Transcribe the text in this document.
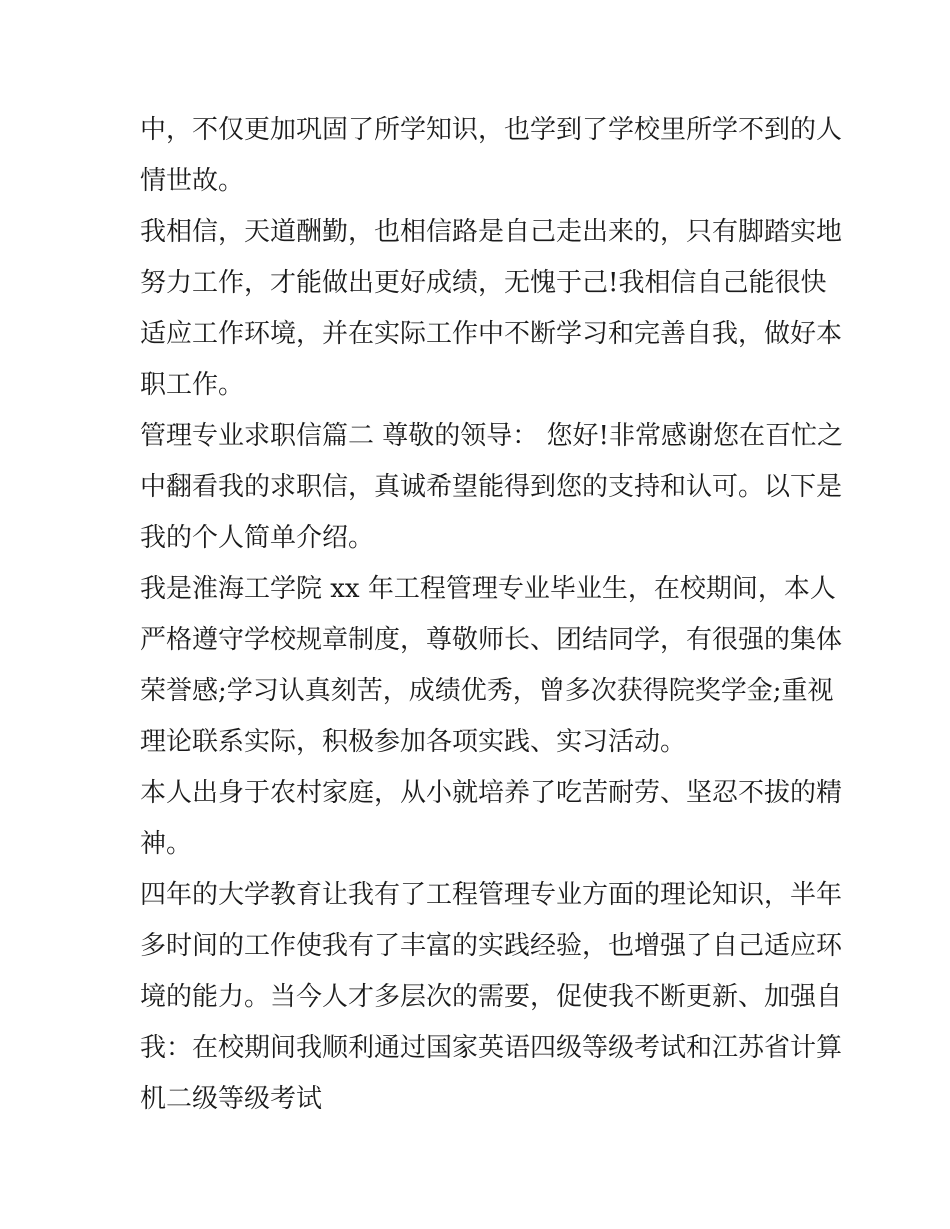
中，不仅更加巩固了所学知识，也学到了学校里所学不到的人
情世故。
我相信，天道酬勤，也相信路是自己走出来的，只有脚踏实地
努力工作，才能做出更好成绩，无愧于己!我相信自己能很快
适应工作环境，并在实际工作中不断学习和完善自我，做好本
职工作。
管理专业求职信篇二 尊敬的领导： 您好!非常感谢您在百忙之
中翻看我的求职信，真诚希望能得到您的支持和认可。以下是
我的个人简单介绍。
我是淮海工学院 xx 年工程管理专业毕业生，在校期间，本人
严格遵守学校规章制度，尊敬师长、团结同学，有很强的集体
荣誉感;学习认真刻苦，成绩优秀，曾多次获得院奖学金;重视
理论联系实际，积极参加各项实践、实习活动。
本人出身于农村家庭，从小就培养了吃苦耐劳、坚忍不拔的精
神。
四年的大学教育让我有了工程管理专业方面的理论知识，半年
多时间的工作使我有了丰富的实践经验，也增强了自己适应环
境的能力。当今人才多层次的需要，促使我不断更新、加强自
我：在校期间我顺利通过国家英语四级等级考试和江苏省计算
机二级等级考试
